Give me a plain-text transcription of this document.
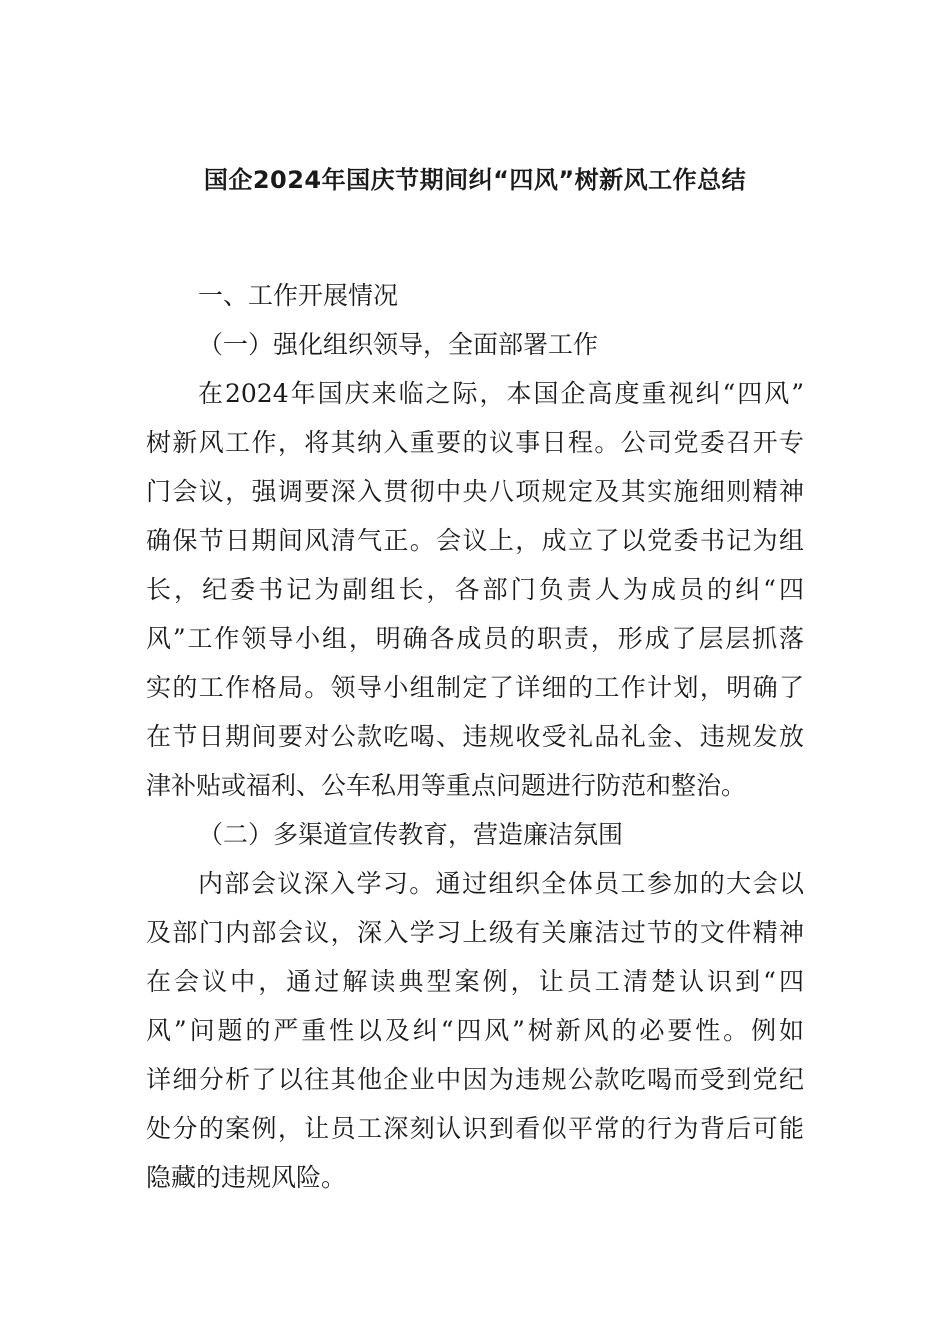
国企2024年国庆节期间纠“四风”树新风工作总结
一、工作开展情况
（一）强化组织领导，全面部署工作
在2024年国庆来临之际，本国企高度重视纠“四风”
树新风工作，将其纳入重要的议事日程。公司党委召开专
门会议，强调要深入贯彻中央八项规定及其实施细则精神
确保节日期间风清气正。会议上，成立了以党委书记为组
长，纪委书记为副组长，各部门负责人为成员的纠“四
风”工作领导小组，明确各成员的职责，形成了层层抓落
实的工作格局。领导小组制定了详细的工作计划，明确了
在节日期间要对公款吃喝、违规收受礼品礼金、违规发放
津补贴或福利、公车私用等重点问题进行防范和整治。
（二）多渠道宣传教育，营造廉洁氛围
内部会议深入学习。通过组织全体员工参加的大会以
及部门内部会议，深入学习上级有关廉洁过节的文件精神
在会议中，通过解读典型案例，让员工清楚认识到“四
风”问题的严重性以及纠“四风”树新风的必要性。例如
详细分析了以往其他企业中因为违规公款吃喝而受到党纪
处分的案例，让员工深刻认识到看似平常的行为背后可能
隐藏的违规风险。
